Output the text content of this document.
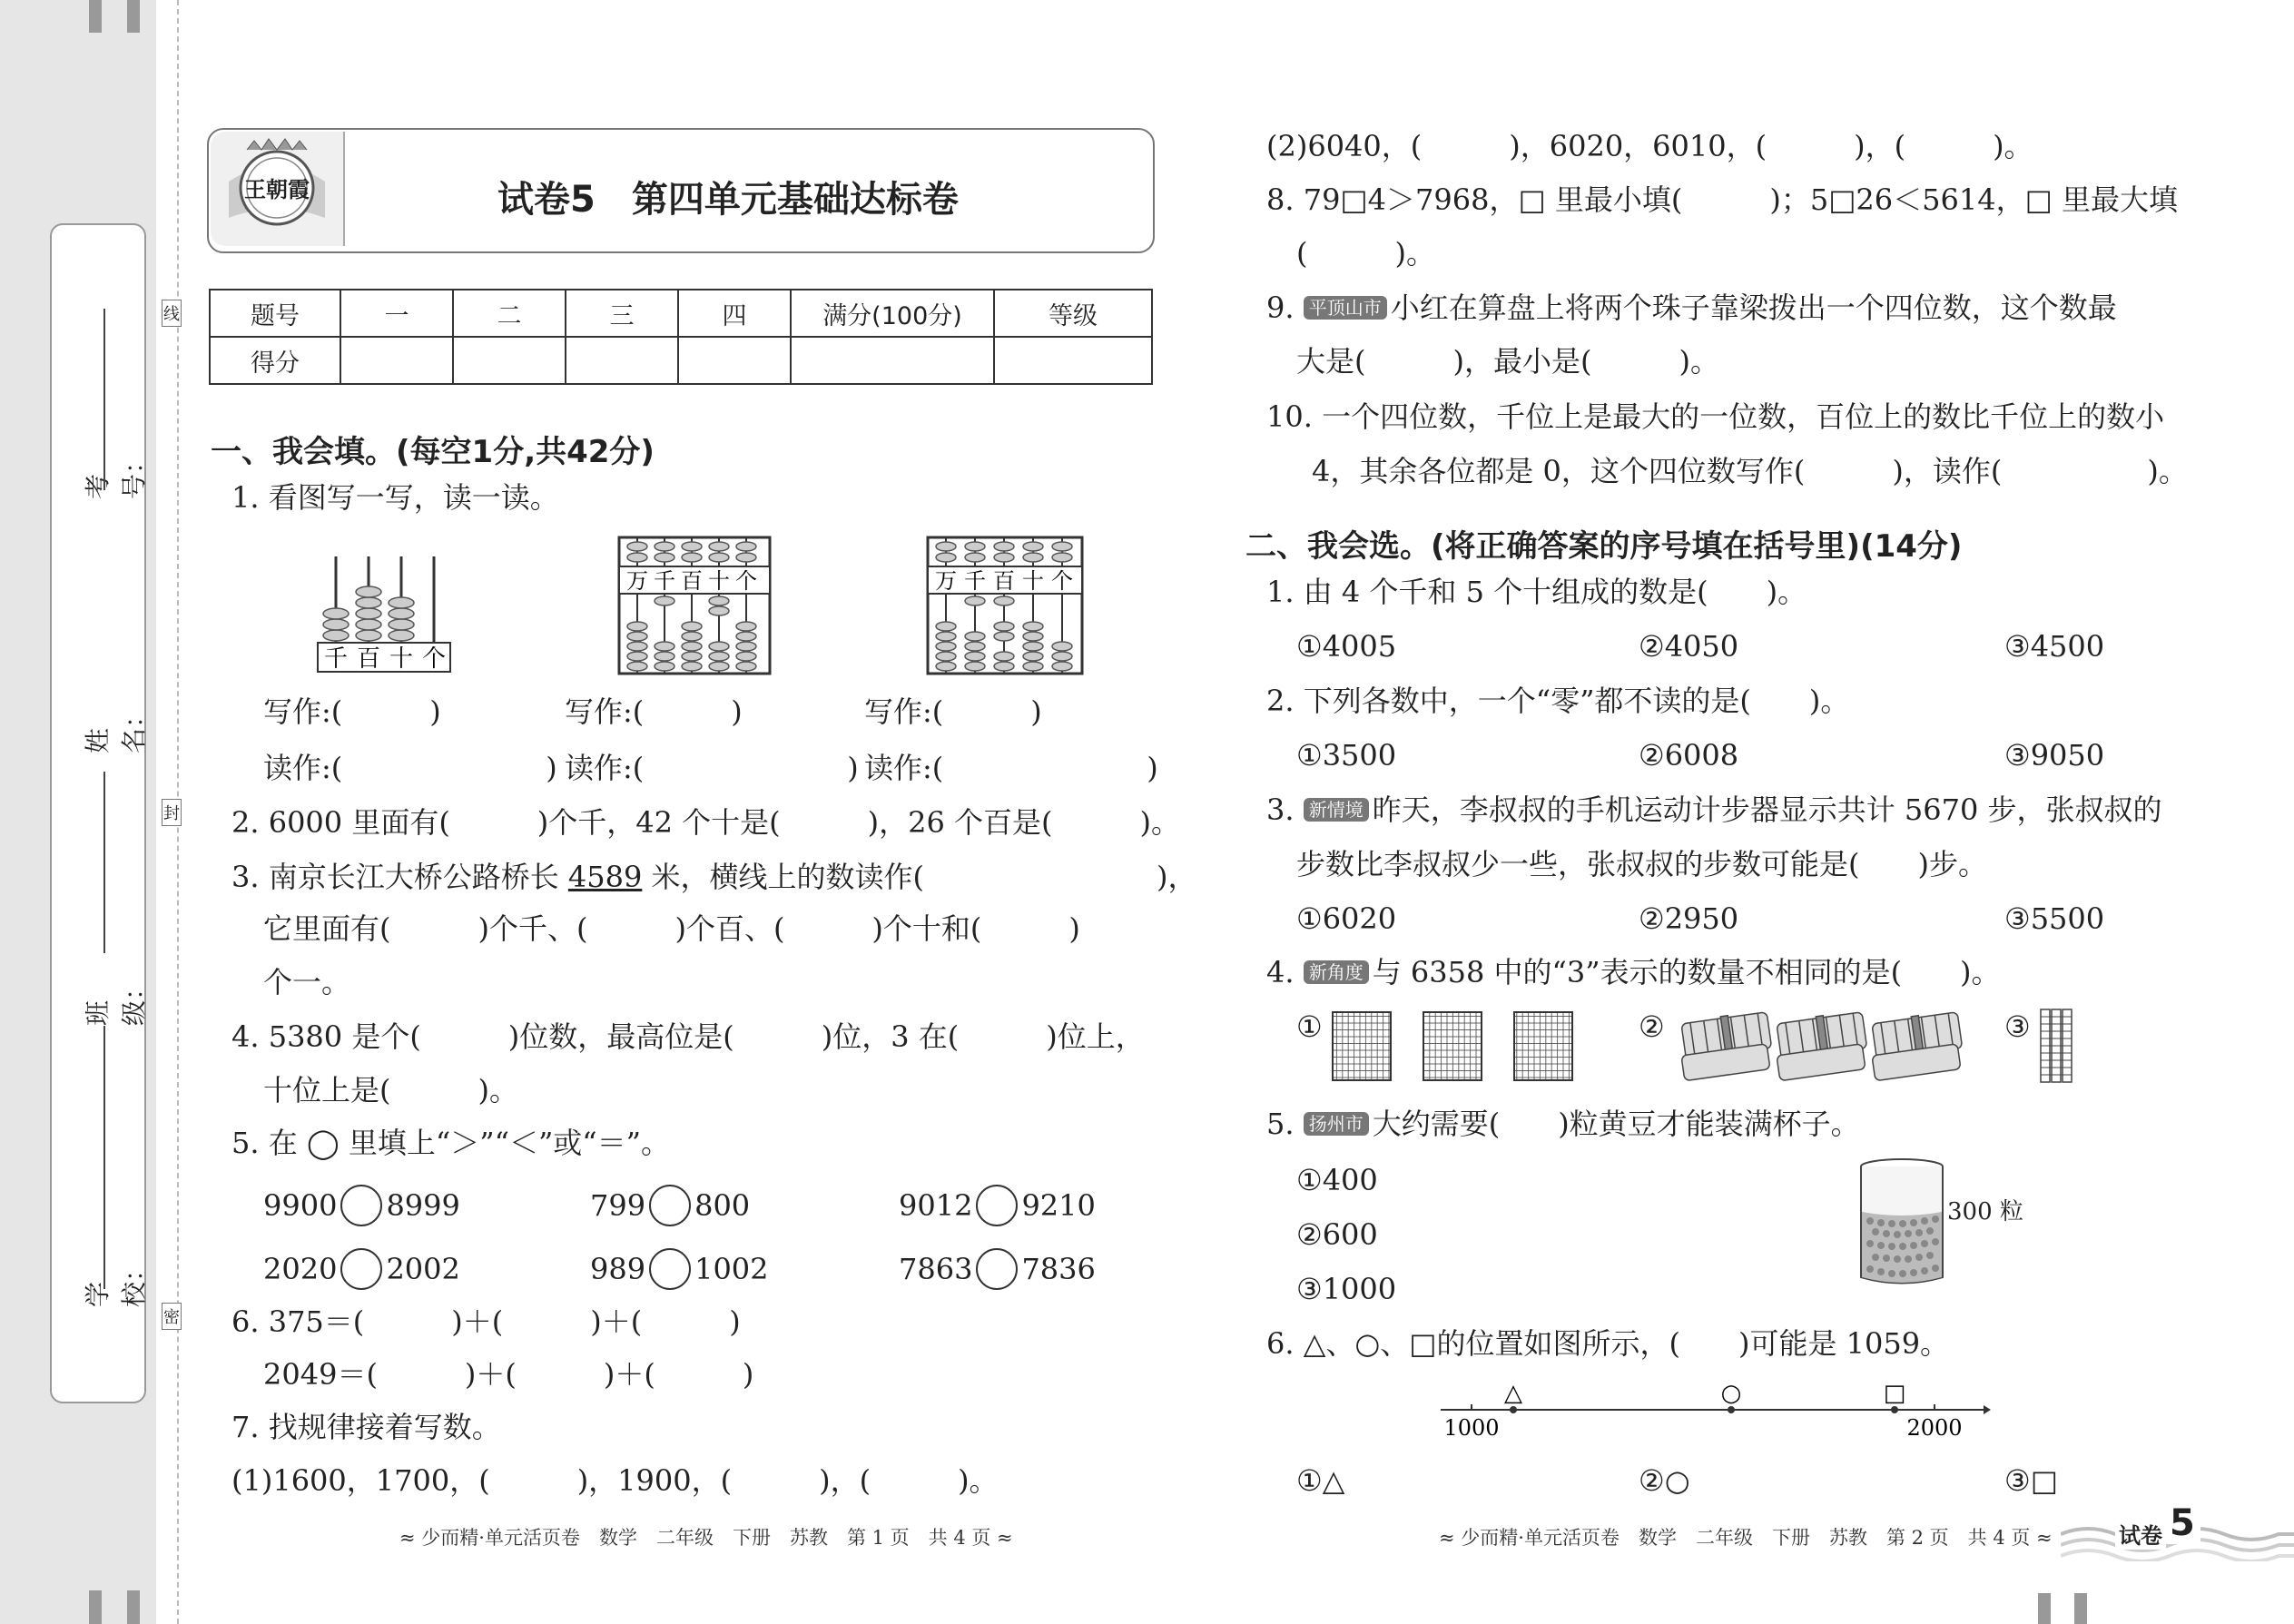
考号：
姓名：
班级：
学校：
线
封
密
王朝霞	试卷5　第四单元基础达标卷
题号	一	二	三	四	满分(100分)	等级
得分						
一、我会填。(每空1分,共42分)
1. 看图写一写，读一读。
千 百 十 个
万 千 百 十 个	万 千 百 十 个
写作:(　　　)	写作:(　　　)	写作:(　　　)
读作:(　　　　　　　) 读作:(　　　　　　　) 读作:(　　　　　　　)
2. 6000 里面有(　　　)个千，42 个十是(　　　)，26 个百是(　　　)。
3. 南京长江大桥公路桥长 4589 米，横线上的数读作(　　　　　　　　)，
它里面有(　　　)个千、(　　　)个百、(　　　)个十和(　　　)
个一。
4. 5380 是个(　　　)位数，最高位是(　　　)位，3 在(　　　)位上，
十位上是(　　　)。
5. 在 ◯ 里填上“＞”“＜”或“＝”。
9900 8999	799 800	9012 9210
2020 2002	989 1002	7863 7836
6. 375＝(　　　)＋(　　　)＋(　　　)
2049＝(　　　)＋(　　　)＋(　　　)
7. 找规律接着写数。
(1)1600，1700，(　　　)，1900，(　　　)，(　　　)。
≈ 少而精·单元活页卷　数学　二年级　下册　苏教　第 1 页　共 4 页 ≈
(2)6040，(　　　)，6020，6010，(　　　)，(　　　)。
8. 79□4＞7968，□ 里最小填(　　　)；5□26＜5614，□ 里最大填
(　　　)。
9. 平顶山市 小红在算盘上将两个珠子靠梁拨出一个四位数，这个数最
大是(　　　)，最小是(　　　)。
10. 一个四位数，千位上是最大的一位数，百位上的数比千位上的数小
4，其余各位都是 0，这个四位数写作(　　　)，读作(　　　　　)。
二、我会选。(将正确答案的序号填在括号里)(14分)
1. 由 4 个千和 5 个十组成的数是(　　)。
①4005	②4050	③4500
2. 下列各数中，一个“零”都不读的是(　　)。
①3500	②6008	③9050
3. 新情境 昨天，李叔叔的手机运动计步器显示共计 5670 步，张叔叔的
步数比李叔叔少一些，张叔叔的步数可能是(　　)步。
①6020	②2950	③5500
4. 新角度 与 6358 中的“3”表示的数量不相同的是(　　)。
①	②	③
5. 扬州市 大约需要(　　)粒黄豆才能装满杯子。
①400
②600
③1000
300 粒
6. △、○、□的位置如图所示，(　　)可能是 1059。
△	○	□
1000	2000
①△	②○	③□
≈ 少而精·单元活页卷　数学　二年级　下册　苏教　第 2 页　共 4 页 ≈	试卷 5
